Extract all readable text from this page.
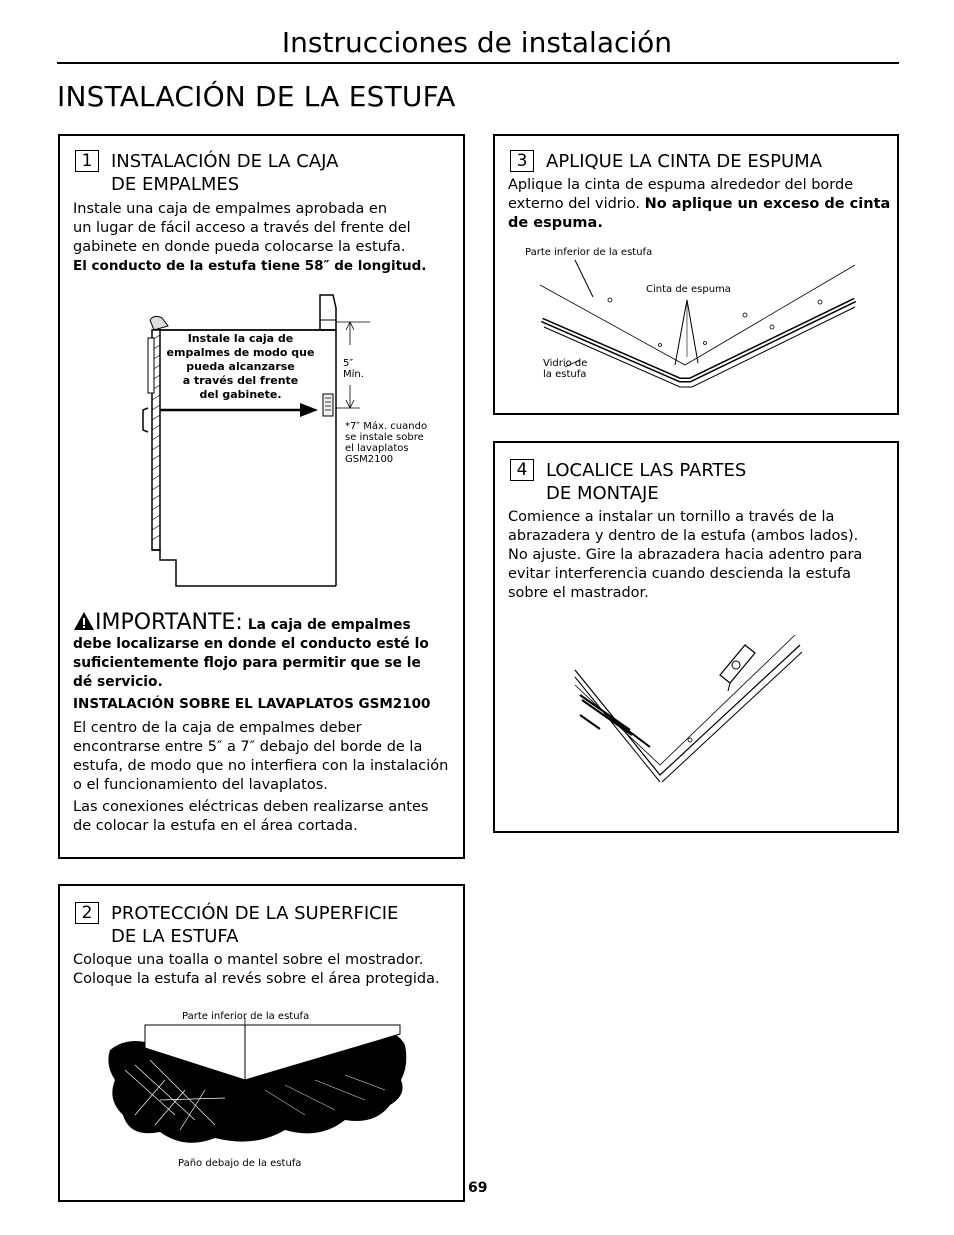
Instrucciones de instalación
INSTALACIÓN DE LA ESTUFA
1 INSTALACIÓN DE LA CAJA
DE EMPALMES
Instale una caja de empalmes aprobada en
un lugar de fácil acceso a través del frente del
gabinete en donde pueda colocarse la estufa.
El conducto de la estufa tiene 58″ de longitud.
Instale la caja de
empalmes de modo que
pueda alcanzarse
a través del frente
del gabinete.
5″
Mín.
*7″ Máx. cuando
se instale sobre
el lavaplatos
GSM2100
IMPORTANTE: La caja de empalmes
debe localizarse en donde el conducto esté lo
suficientemente flojo para permitir que se le
dé servicio.
INSTALACIÓN SOBRE EL LAVAPLATOS GSM2100
El centro de la caja de empalmes deber
encontrarse entre 5″ a 7″ debajo del borde de la
estufa, de modo que no interfiera con la instalación
o el funcionamiento del lavaplatos.
Las conexiones eléctricas deben realizarse antes
de colocar la estufa en el área cortada.
2 PROTECCIÓN DE LA SUPERFICIE
DE LA ESTUFA
Coloque una toalla o mantel sobre el mostrador.
Coloque la estufa al revés sobre el área protegida.
Parte inferior de la estufa
Paño debajo de la estufa
3 APLIQUE LA CINTA DE ESPUMA
Aplique la cinta de espuma alrededor del borde
externo del vidrio. No aplique un exceso de cinta
de espuma.
Parte inferior de la estufa
Cinta de espuma
Vidrio de
la estufa
4 LOCALICE LAS PARTES
DE MONTAJE
Comience a instalar un tornillo a través de la
abrazadera y dentro de la estufa (ambos lados).
No ajuste. Gire la abrazadera hacia adentro para
evitar interferencia cuando descienda la estufa
sobre el mastrador.
69
